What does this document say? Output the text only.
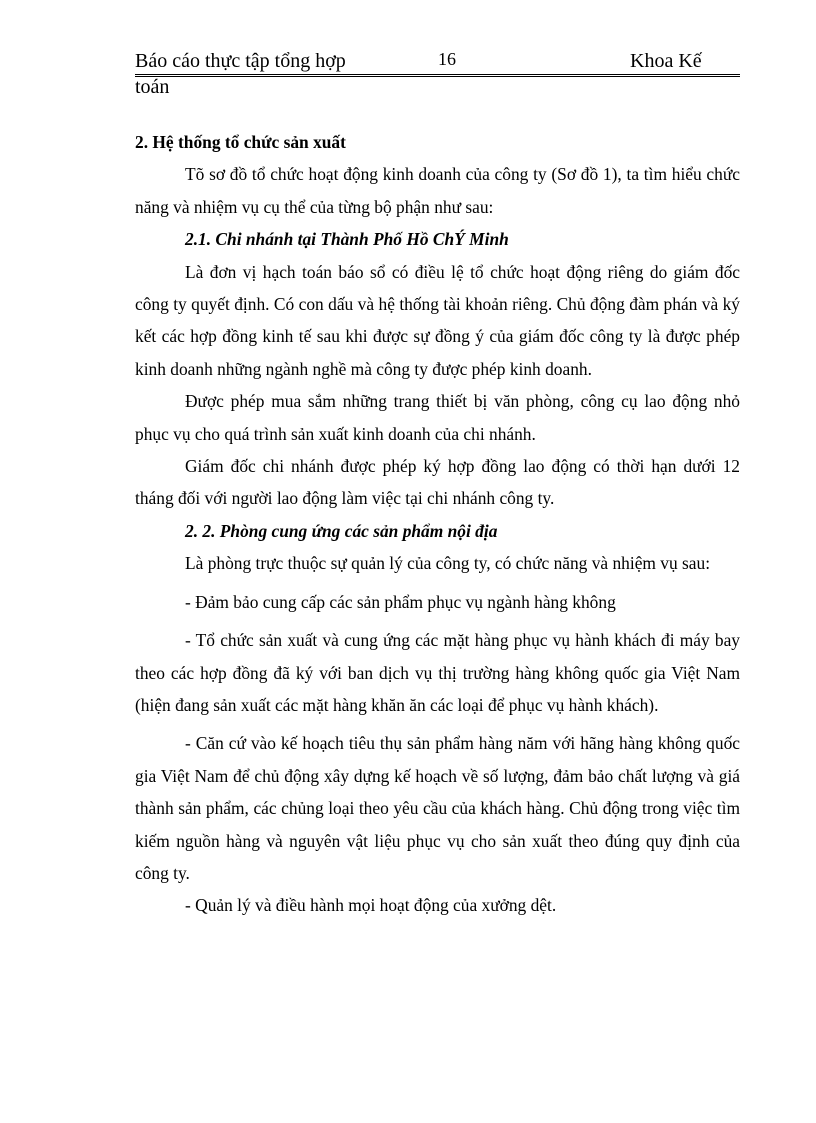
Báo cáo thực tập tổng hợp	16	Khoa Kế
toán

2. Hệ thống tổ chức sản xuất

Tõ sơ đồ tổ chức hoạt động kinh doanh của công ty (Sơ đồ 1), ta tìm hiểu chức năng và nhiệm vụ cụ thể của từng bộ phận như sau:

2.1. Chi nhánh tại Thành Phố Hồ ChÝ Minh

Là đơn vị hạch toán báo sổ có điều lệ tổ chức hoạt động riêng do giám đốc công ty quyết định. Có con dấu và hệ thống tài khoản riêng. Chủ động đàm phán và ký kết các hợp đồng kinh tế sau khi được sự đồng ý của giám đốc công ty là được phép kinh doanh những ngành nghề mà công ty được phép kinh doanh.

Được phép mua sắm những trang thiết bị văn phòng, công cụ lao động nhỏ phục vụ cho quá trình sản xuất kinh doanh của chi nhánh.

Giám đốc chi nhánh được phép ký hợp đồng lao động có thời hạn dưới 12 tháng đối với người lao động làm việc tại chi nhánh công ty.

2. 2. Phòng cung ứng các sản phẩm nội địa

Là phòng trực thuộc sự quản lý của công ty, có chức năng và nhiệm vụ sau:

- Đảm bảo cung cấp các sản phẩm phục vụ ngành hàng không

- Tổ chức sản xuất và cung ứng các mặt hàng phục vụ hành khách đi máy bay theo các hợp đồng đã ký với ban dịch vụ thị trường hàng không quốc gia Việt Nam (hiện đang sản xuất các mặt hàng khăn ăn các loại để phục vụ hành khách).

- Căn cứ vào kế hoạch tiêu thụ sản phẩm hàng năm với hãng hàng không quốc gia Việt Nam để chủ động xây dựng kế hoạch về số lượng, đảm bảo chất lượng và giá thành sản phẩm, các chủng loại theo yêu cầu của khách hàng. Chủ động trong việc tìm kiếm nguồn hàng và nguyên vật liệu phục vụ cho sản xuất theo đúng quy định của công ty.

- Quản lý và điều hành mọi hoạt động của xưởng dệt.
